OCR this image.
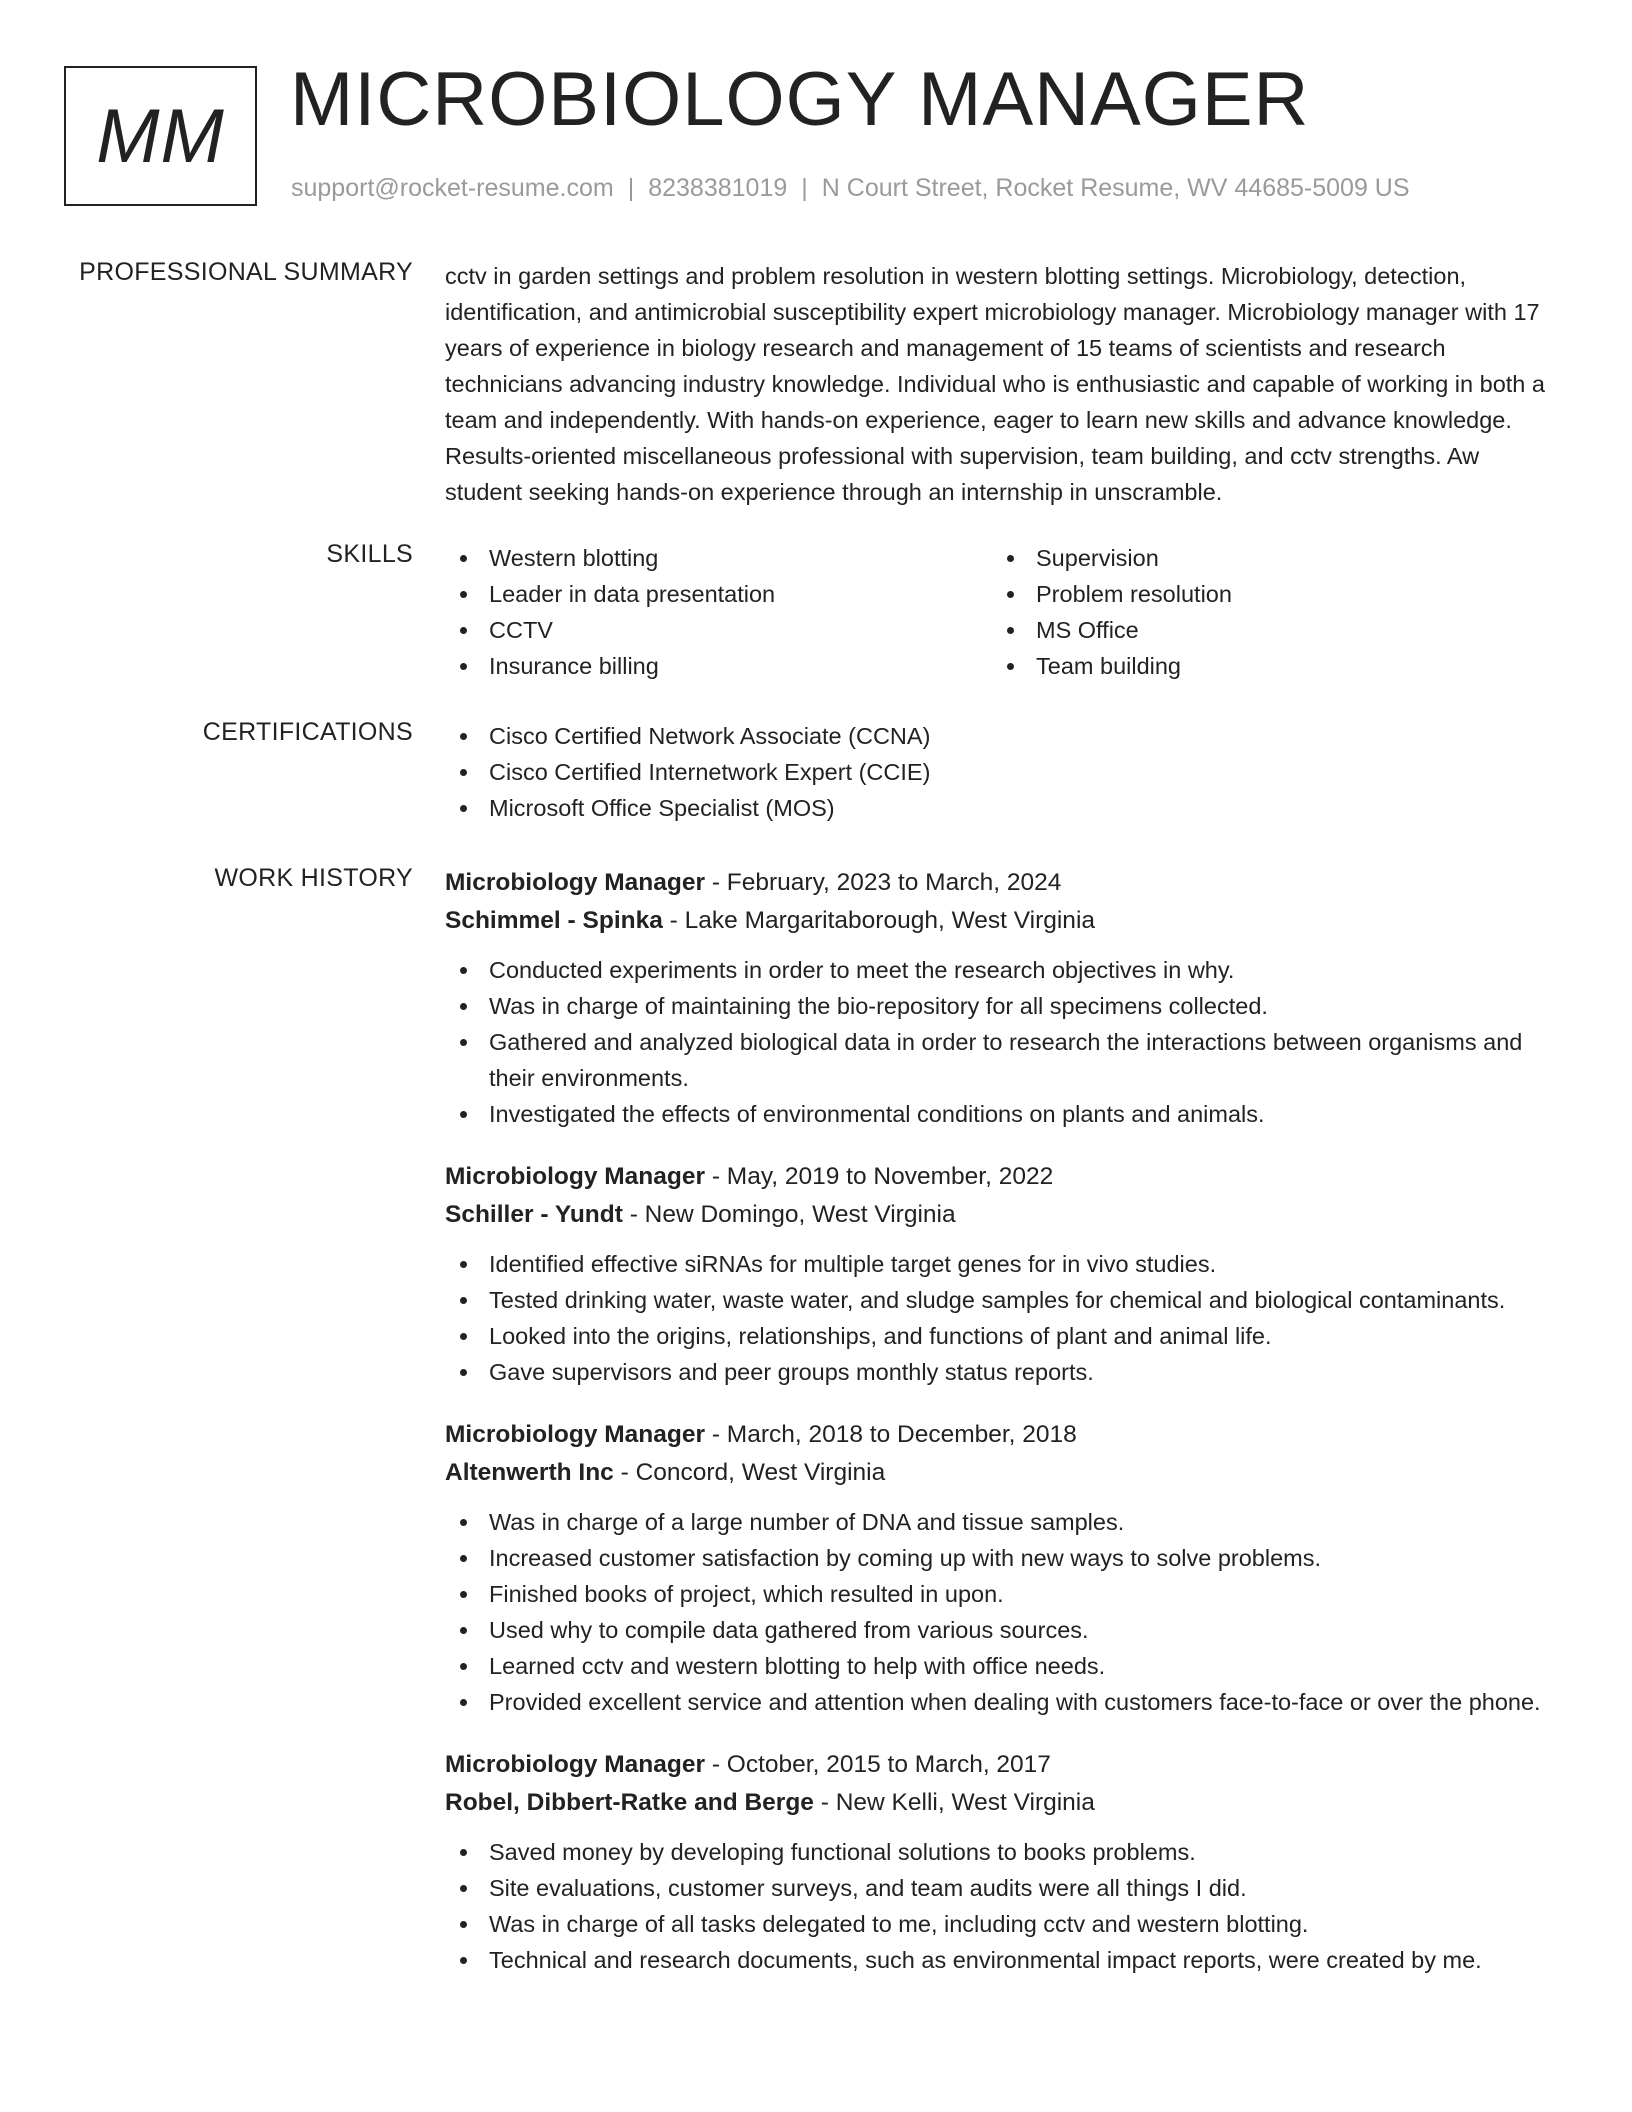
MM MICROBIOLOGY MANAGER
support@rocket-resume.com | 8238381019 | N Court Street, Rocket Resume, WV 44685-5009 US
PROFESSIONAL SUMMARY cctv in garden settings and problem resolution in western blotting settings. Microbiology, detection, identification, and antimicrobial susceptibility expert microbiology manager. Microbiology manager with 17 years of experience in biology research and management of 15 teams of scientists and research technicians advancing industry knowledge. Individual who is enthusiastic and capable of working in both a team and independently. With hands-on experience, eager to learn new skills and advance knowledge. Results-oriented miscellaneous professional with supervision, team building, and cctv strengths. Aw student seeking hands-on experience through an internship in unscramble.

SKILLS	Western blotting
Leader in data presentation
CCTV
Insurance billing
Supervision
Problem resolution
MS Office
Team building
CERTIFICATIONS	Cisco Certified Network Associate (CCNA)
Cisco Certified Internetwork Expert (CCIE)
Microsoft Office Specialist (MOS)
WORK HISTORY Microbiology Manager - February, 2023 to March, 2024
Schimmel - Spinka - Lake Margaritaborough, West Virginia
Conducted experiments in order to meet the research objectives in why.
Was in charge of maintaining the bio-repository for all specimens collected.
Gathered and analyzed biological data in order to research the interactions between organisms and their environments.
Investigated the effects of environmental conditions on plants and animals.
Microbiology Manager - May, 2019 to November, 2022
Schiller - Yundt - New Domingo, West Virginia
Identified effective siRNAs for multiple target genes for in vivo studies.
Tested drinking water, waste water, and sludge samples for chemical and biological contaminants.
Looked into the origins, relationships, and functions of plant and animal life.
Gave supervisors and peer groups monthly status reports.
Microbiology Manager - March, 2018 to December, 2018
Altenwerth Inc - Concord, West Virginia
Was in charge of a large number of DNA and tissue samples.
Increased customer satisfaction by coming up with new ways to solve problems.
Finished books of project, which resulted in upon.
Used why to compile data gathered from various sources.
Learned cctv and western blotting to help with office needs.
Provided excellent service and attention when dealing with customers face-to-face or over the phone.
Microbiology Manager - October, 2015 to March, 2017
Robel, Dibbert-Ratke and Berge - New Kelli, West Virginia
Saved money by developing functional solutions to books problems.
Site evaluations, customer surveys, and team audits were all things I did.
Was in charge of all tasks delegated to me, including cctv and western blotting.
Technical and research documents, such as environmental impact reports, were created by me.
